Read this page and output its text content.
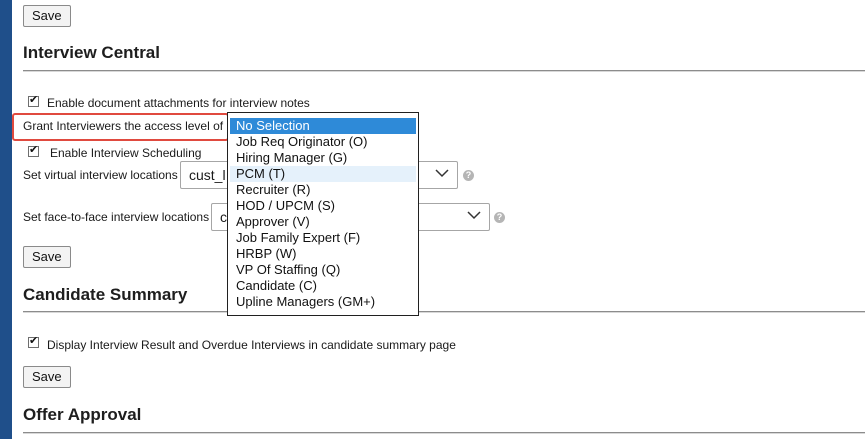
Save
Interview Central
✔ Enable document attachments for interview notes
Grant Interviewers the access level of
✔ Enable Interview Scheduling
Set virtual interview locations cust_l	?
Set face-to-face interview locations c	?
Save
Candidate Summary
✔ Display Interview Result and Overdue Interviews in candidate summary page
Save
Offer Approval
No Selection
Job Req Originator (O)
Hiring Manager (G)
PCM (T)
Recruiter (R)
HOD / UPCM (S)
Approver (V)
Job Family Expert (F)
HRBP (W)
VP Of Staffing (Q)
Candidate (C)
Upline Managers (GM+)
